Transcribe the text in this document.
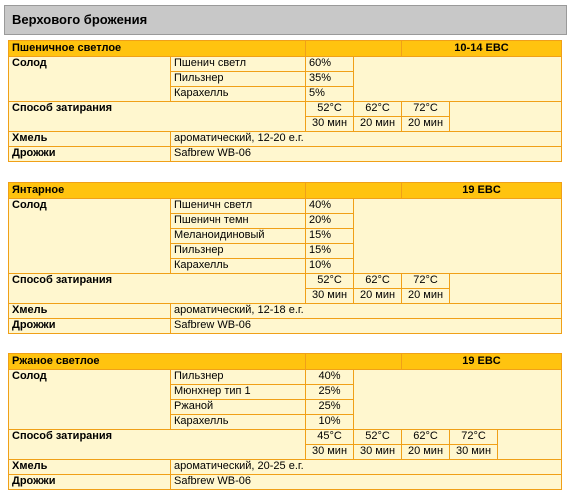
Верхового брожения
Пшеничное светлое				10-14 EBC	
Солод	Пшенич светл	60%			
	Пильзнер	35%			
	Карахелль	5%			
Способ затирания		52°C	62°C	72°C	
		30 мин	20 мин	20 мин	
Хмель	ароматический, 12-20 е.г.				
Дрожжи	Safbrew WB-06				
Янтарное				19 EBC	
Солод	Пшеничн светл	40%			
	Пшеничн темн	20%			
	Меланоидиновый	15%			
	Пильзнер	15%			
	Карахелль	10%			
Способ затирания		52°C	62°C	72°C	
		30 мин	20 мин	20 мин	
Хмель	ароматический, 12-18 е.г.				
Дрожжи	Safbrew WB-06				
Ржаное светлое				19 EBC		
Солод	Пильзнер	40%				
	Мюнхнер тип 1	25%				
	Ржаной	25%				
	Карахелль	10%				
Способ затирания		45°C	52°C	62°C	72°C	
		30 мин	30 мин	20 мин	30 мин	
Хмель	ароматический, 20-25 е.г.					
Дрожжи	Safbrew WB-06					
